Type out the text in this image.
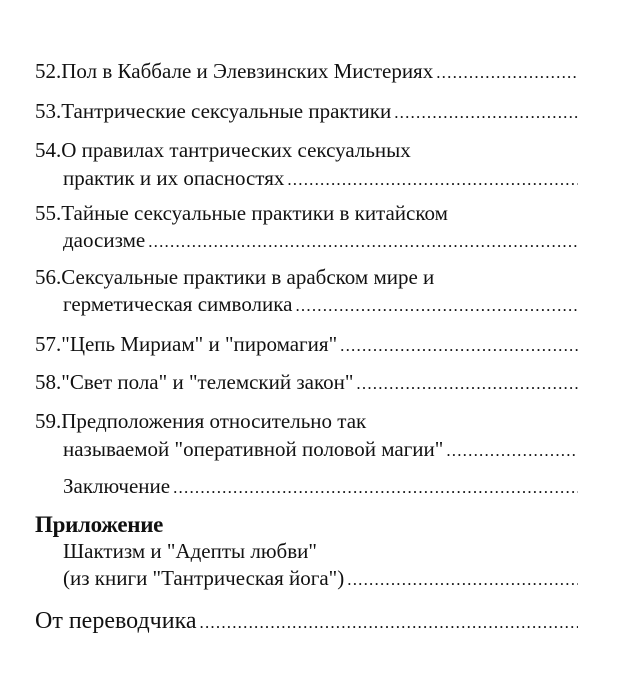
52.Пол в Каббале и Элевзинских Мистериях
.....
53.Тантрические сексуальные практики
.....
54.О правилах тантрических сексуальных
практик и их опасностях
.....
55.Тайные сексуальные практики в китайском
даосизме
.....
56.Сексуальные практики в арабском мире и
герметическая символика
.....
57."Цепь Мириам" и "пиромагия"
.....
58."Свет пола" и "телемский закон"
.....
59.Предположения относительно так
называемой "оперативной половой магии"
.....
Заключение
.....
Приложение
Шактизм и "Адепты любви"
(из книги "Тантрическая йога")
.....
От переводчика
.....
